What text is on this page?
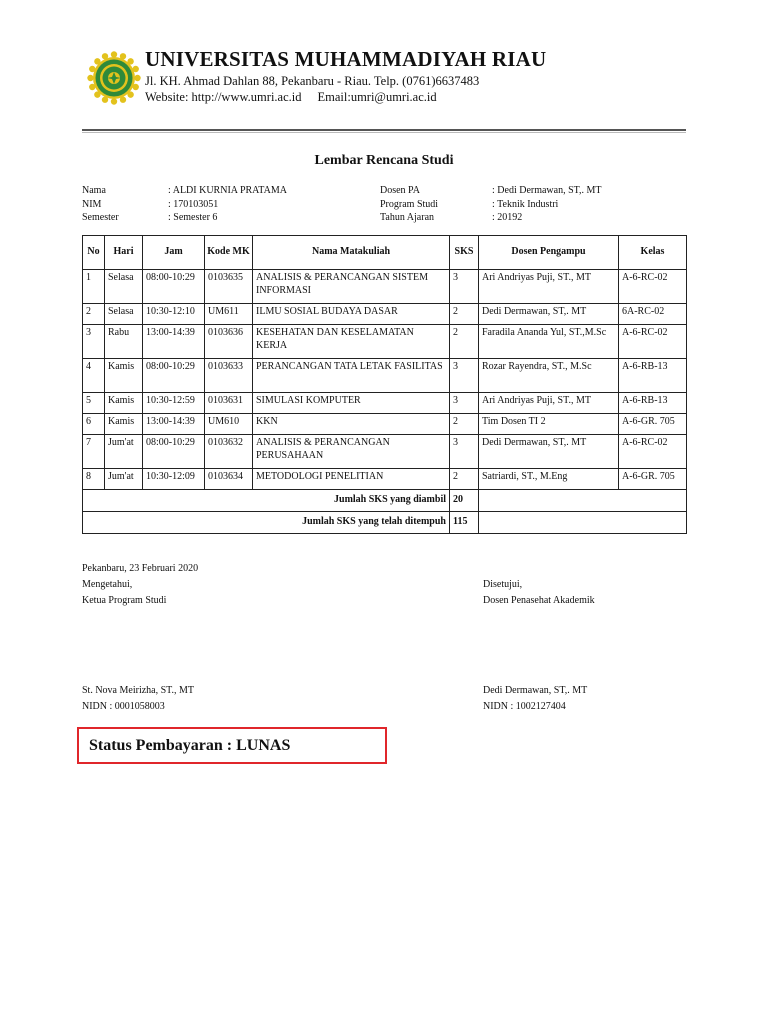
UNIVERSITAS MUHAMMADIYAH RIAU
Jl. KH. Ahmad Dahlan 88, Pekanbaru - Riau. Telp. (0761)6637483
Website: http://www.umri.ac.id Email:umri@umri.ac.id
Lembar Rencana Studi
Nama	: ALDI KURNIA PRATAMA
NIM	: 170103051
Semester	: Semester 6
Dosen PA	: Dedi Dermawan, ST,. MT
Program Studi	: Teknik Industri
Tahun Ajaran	: 20192
No	Hari	Jam	Kode MK	Nama Matakuliah	SKS	Dosen Pengampu	Kelas
1	Selasa	08:00-10:29	0103635	ANALISIS & PERANCANGAN SISTEM INFORMASI	3	Ari Andriyas Puji, ST., MT	A-6-RC-02
2	Selasa	10:30-12:10	UM611	ILMU SOSIAL BUDAYA DASAR	2	Dedi Dermawan, ST,. MT	6A-RC-02
3	Rabu	13:00-14:39	0103636	KESEHATAN DAN KESELAMATAN KERJA	2	Faradila Ananda Yul, ST.,M.Sc	A-6-RC-02
4	Kamis	08:00-10:29	0103633	PERANCANGAN TATA LETAK FASILITAS	3	Rozar Rayendra, ST., M.Sc	A-6-RB-13
5	Kamis	10:30-12:59	0103631	SIMULASI KOMPUTER	3	Ari Andriyas Puji, ST., MT	A-6-RB-13
6	Kamis	13:00-14:39	UM610	KKN	2	Tim Dosen TI 2	A-6-GR. 705
7	Jum'at	08:00-10:29	0103632	ANALISIS & PERANCANGAN PERUSAHAAN	3	Dedi Dermawan, ST,. MT	A-6-RC-02
8	Jum'at	10:30-12:09	0103634	METODOLOGI PENELITIAN	2	Satriardi, ST., M.Eng	A-6-GR. 705
Jumlah SKS yang diambil					20		
Jumlah SKS yang telah ditempuh					115		
Pekanbaru, 23 Februari 2020
Mengetahui,
Ketua Program Studi
Disetujui,
Dosen Penasehat Akademik
St. Nova Meirizha, ST., MT
NIDN : 0001058003
Dedi Dermawan, ST,. MT
NIDN : 1002127404
Status Pembayaran : LUNAS
